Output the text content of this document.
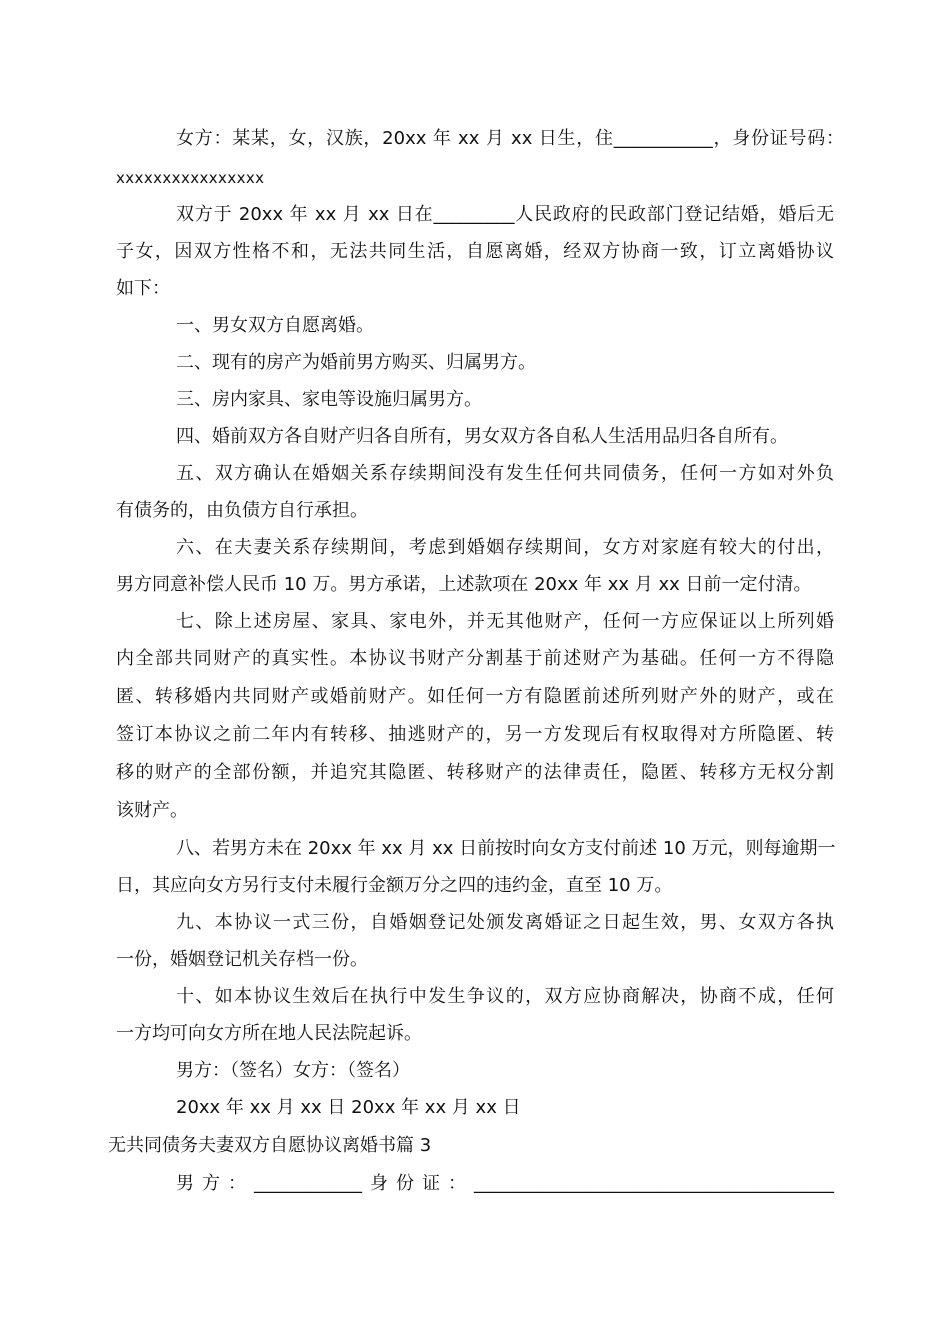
女方：某某，女，汉族，20xx 年 xx 月 xx 日生，住___________，身份证号码：
xxxxxxxxxxxxxxxx
双方于 20xx 年 xx 月 xx 日在_________人民政府的民政部门登记结婚，婚后无
子女，因双方性格不和，无法共同生活，自愿离婚，经双方协商一致，订立离婚协议
如下：
一、男女双方自愿离婚。
二、现有的房产为婚前男方购买、归属男方。
三、房内家具、家电等设施归属男方。
四、婚前双方各自财产归各自所有，男女双方各自私人生活用品归各自所有。
五、双方确认在婚姻关系存续期间没有发生任何共同债务，任何一方如对外负
有债务的，由负债方自行承担。
六、在夫妻关系存续期间，考虑到婚姻存续期间，女方对家庭有较大的付出，
男方同意补偿人民币 10 万。男方承诺，上述款项在 20xx 年 xx 月 xx 日前一定付清。
七、除上述房屋、家具、家电外，并无其他财产，任何一方应保证以上所列婚
内全部共同财产的真实性。本协议书财产分割基于前述财产为基础。任何一方不得隐
匿、转移婚内共同财产或婚前财产。如任何一方有隐匿前述所列财产外的财产，或在
签订本协议之前二年内有转移、抽逃财产的，另一方发现后有权取得对方所隐匿、转
移的财产的全部份额，并追究其隐匿、转移财产的法律责任，隐匿、转移方无权分割
该财产。
八、若男方未在 20xx 年 xx 月 xx 日前按时向女方支付前述 10 万元，则每逾期一
日，其应向女方另行支付未履行金额万分之四的违约金，直至 10 万。
九、本协议一式三份，自婚姻登记处颁发离婚证之日起生效，男、女双方各执
一份，婚姻登记机关存档一份。
十、如本协议生效后在执行中发生争议的，双方应协商解决，协商不成，任何
一方均可向女方所在地人民法院起诉。
男方：（签名）女方：（签名）
20xx 年 xx 月 xx 日 20xx 年 xx 月 xx 日
无共同债务夫妻双方自愿协议离婚书篇 3
男方：____________身份证：________________________________________
